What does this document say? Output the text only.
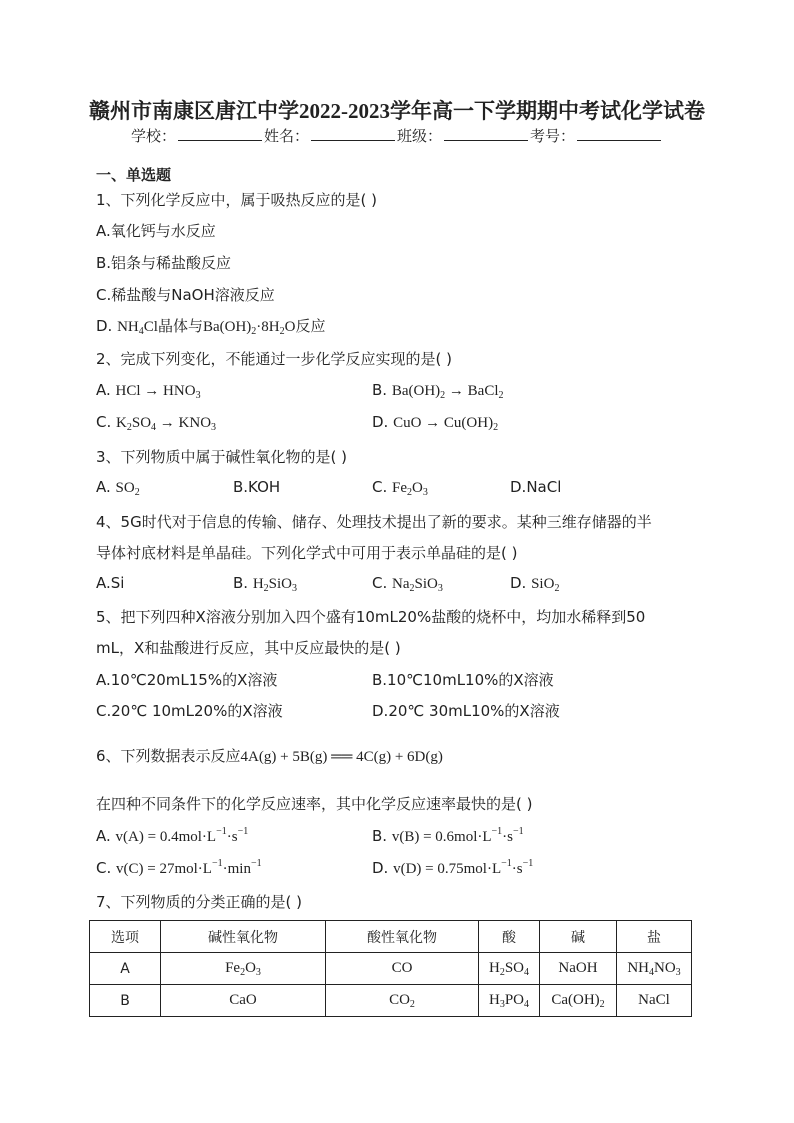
赣州市南康区唐江中学2022-2023学年高一下学期期中考试化学试卷
学校：	姓名：	班级：	考号：
一、单选题
1、下列化学反应中，属于吸热反应的是( )
A.氧化钙与水反应
B.铝条与稀盐酸反应
C.稀盐酸与NaOH溶液反应
D. $NH_4Cl$晶体与$Ba(OH)_2\cdot 8H_2O$反应
2、完成下列变化，不能通过一步化学反应实现的是( )
A. HCl → $HNO_3$	B. $Ba(OH)_2$ → BaCl$_2$
C. $K_2SO_4 \to KNO_3$	D. CuO → $Cu(OH)_2$
3、下列物质中属于碱性氧化物的是( )
A. $SO_2$	B.KOH	C. $Fe_2O_3$	D.NaCl
4、5G时代对于信息的传输、储存、处理技术提出了新的要求。某种三维存储器的半
导体衬底材料是单晶硅。下列化学式中可用于表示单晶硅的是( )
A.Si	B. $H_2SiO_3$	C. $Na_2SiO_3$	D. SiO$_2$
5、把下列四种X溶液分别加入四个盛有10mL20%盐酸的烧杯中，均加水稀释到50
mL，X和盐酸进行反应，其中反应最快的是( )
A.10℃20mL15%的X溶液	B.10℃10mL10%的X溶液
C.20℃ 10mL20%的X溶液	D.20℃ 30mL10%的X溶液
6、下列数据表示反应4A(g) + 5B(g) ══ 4C(g) + 6D(g)
在四种不同条件下的化学反应速率，其中化学反应速率最快的是( )
A. $v(A) = 0.4mol\cdot L^{-1}\cdot s^{-1}$	B. $v(B) = 0.6mol\cdot L^{-1}\cdot s^{-1}$
C. $v(C) = 27mol\cdot L^{-1}\cdot\min^{-1}$	D. $v(D) = 0.75mol\cdot L^{-1}\cdot s^{-1}$
7、下列物质的分类正确的是( )
选项	碱性氧化物	酸性氧化物	酸	碱	盐
A	$Fe_2O_3$	CO	$H_2SO_4$	NaOH	$NH_4NO_3$
B	CaO	$CO_2$	$H_3PO_4$	$Ca(OH)_2$	NaCl
